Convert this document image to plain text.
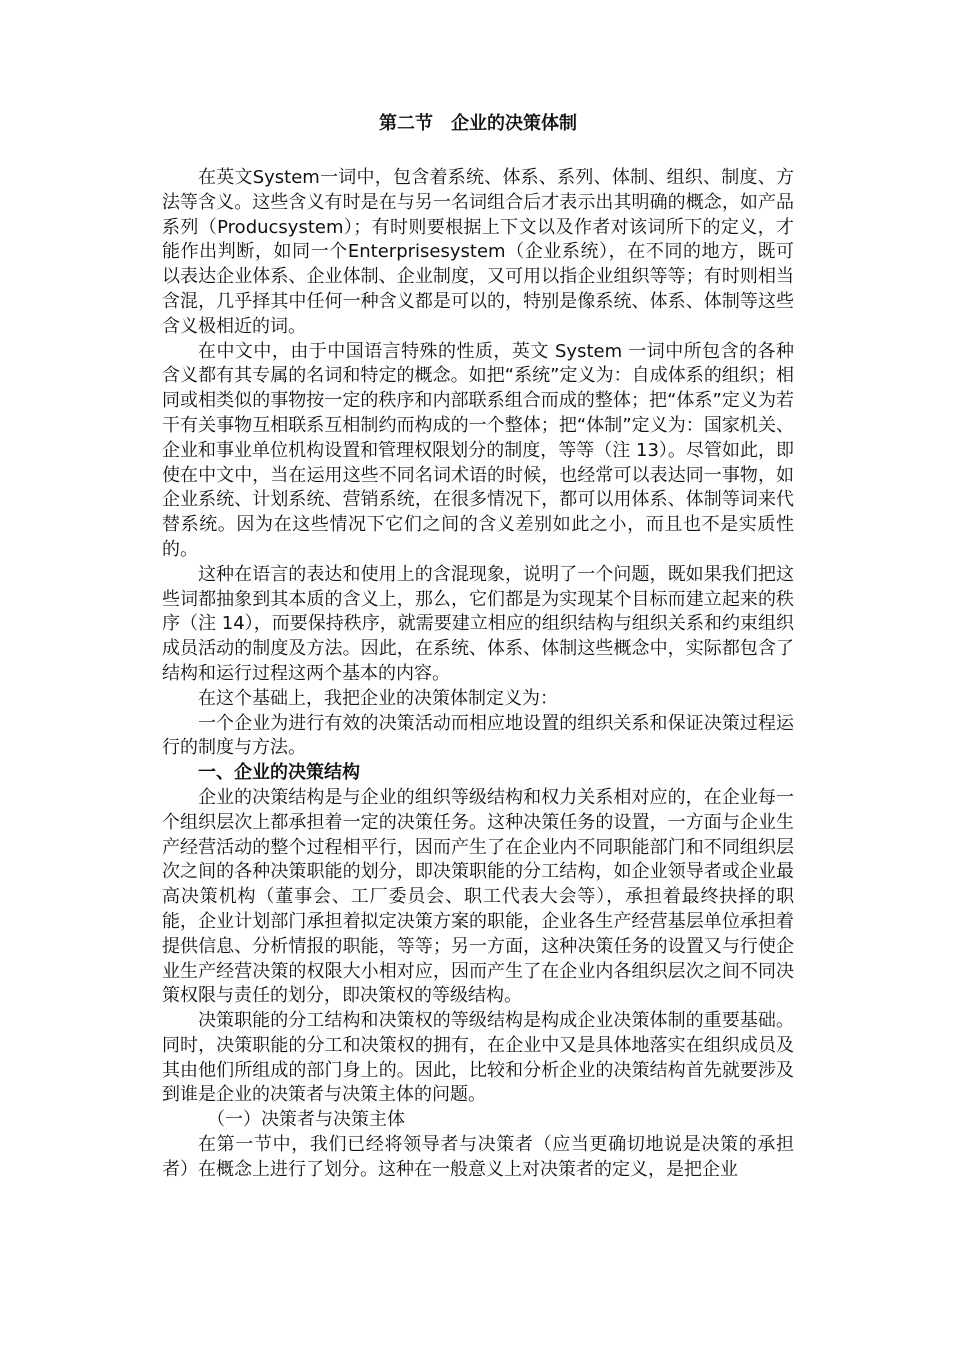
第二节　企业的决策体制

在英文System一词中，包含着系统、体系、系列、体制、组织、制度、方法等含义。这些含义有时是在与另一名词组合后才表示出其明确的概念，如产品系列（Producsystem）；有时则要根据上下文以及作者对该词所下的定义，才能作出判断，如同一个Enterprisesystem（企业系统），在不同的地方，既可以表达企业体系、企业体制、企业制度，又可用以指企业组织等等；有时则相当含混，几乎择其中任何一种含义都是可以的，特别是像系统、体系、体制等这些含义极相近的词。

在中文中，由于中国语言特殊的性质，英文 System 一词中所包含的各种含义都有其专属的名词和特定的概念。如把“系统”定义为：自成体系的组织；相同或相类似的事物按一定的秩序和内部联系组合而成的整体；把“体系”定义为若干有关事物互相联系互相制约而构成的一个整体；把“体制”定义为：国家机关、企业和事业单位机构设置和管理权限划分的制度，等等（注 13）。尽管如此，即使在中文中，当在运用这些不同名词术语的时候，也经常可以表达同一事物，如企业系统、计划系统、营销系统，在很多情况下，都可以用体系、体制等词来代替系统。因为在这些情况下它们之间的含义差别如此之小，而且也不是实质性的。

这种在语言的表达和使用上的含混现象，说明了一个问题，既如果我们把这些词都抽象到其本质的含义上，那么，它们都是为实现某个目标而建立起来的秩序（注 14），而要保持秩序，就需要建立相应的组织结构与组织关系和约束组织成员活动的制度及方法。因此，在系统、体系、体制这些概念中，实际都包含了结构和运行过程这两个基本的内容。

在这个基础上，我把企业的决策体制定义为：

一个企业为进行有效的决策活动而相应地设置的组织关系和保证决策过程运行的制度与方法。

一、企业的决策结构

企业的决策结构是与企业的组织等级结构和权力关系相对应的，在企业每一个组织层次上都承担着一定的决策任务。这种决策任务的设置，一方面与企业生产经营活动的整个过程相平行，因而产生了在企业内不同职能部门和不同组织层次之间的各种决策职能的划分，即决策职能的分工结构，如企业领导者或企业最高决策机构（董事会、工厂委员会、职工代表大会等），承担着最终抉择的职能，企业计划部门承担着拟定决策方案的职能，企业各生产经营基层单位承担着提供信息、分析情报的职能，等等；另一方面，这种决策任务的设置又与行使企业生产经营决策的权限大小相对应，因而产生了在企业内各组织层次之间不同决策权限与责任的划分，即决策权的等级结构。

决策职能的分工结构和决策权的等级结构是构成企业决策体制的重要基础。同时，决策职能的分工和决策权的拥有，在企业中又是具体地落实在组织成员及其由他们所组成的部门身上的。因此，比较和分析企业的决策结构首先就要涉及到谁是企业的决策者与决策主体的问题。

（一）决策者与决策主体

在第一节中，我们已经将领导者与决策者（应当更确切地说是决策的承担者）在概念上进行了划分。这种在一般意义上对决策者的定义，是把企业
